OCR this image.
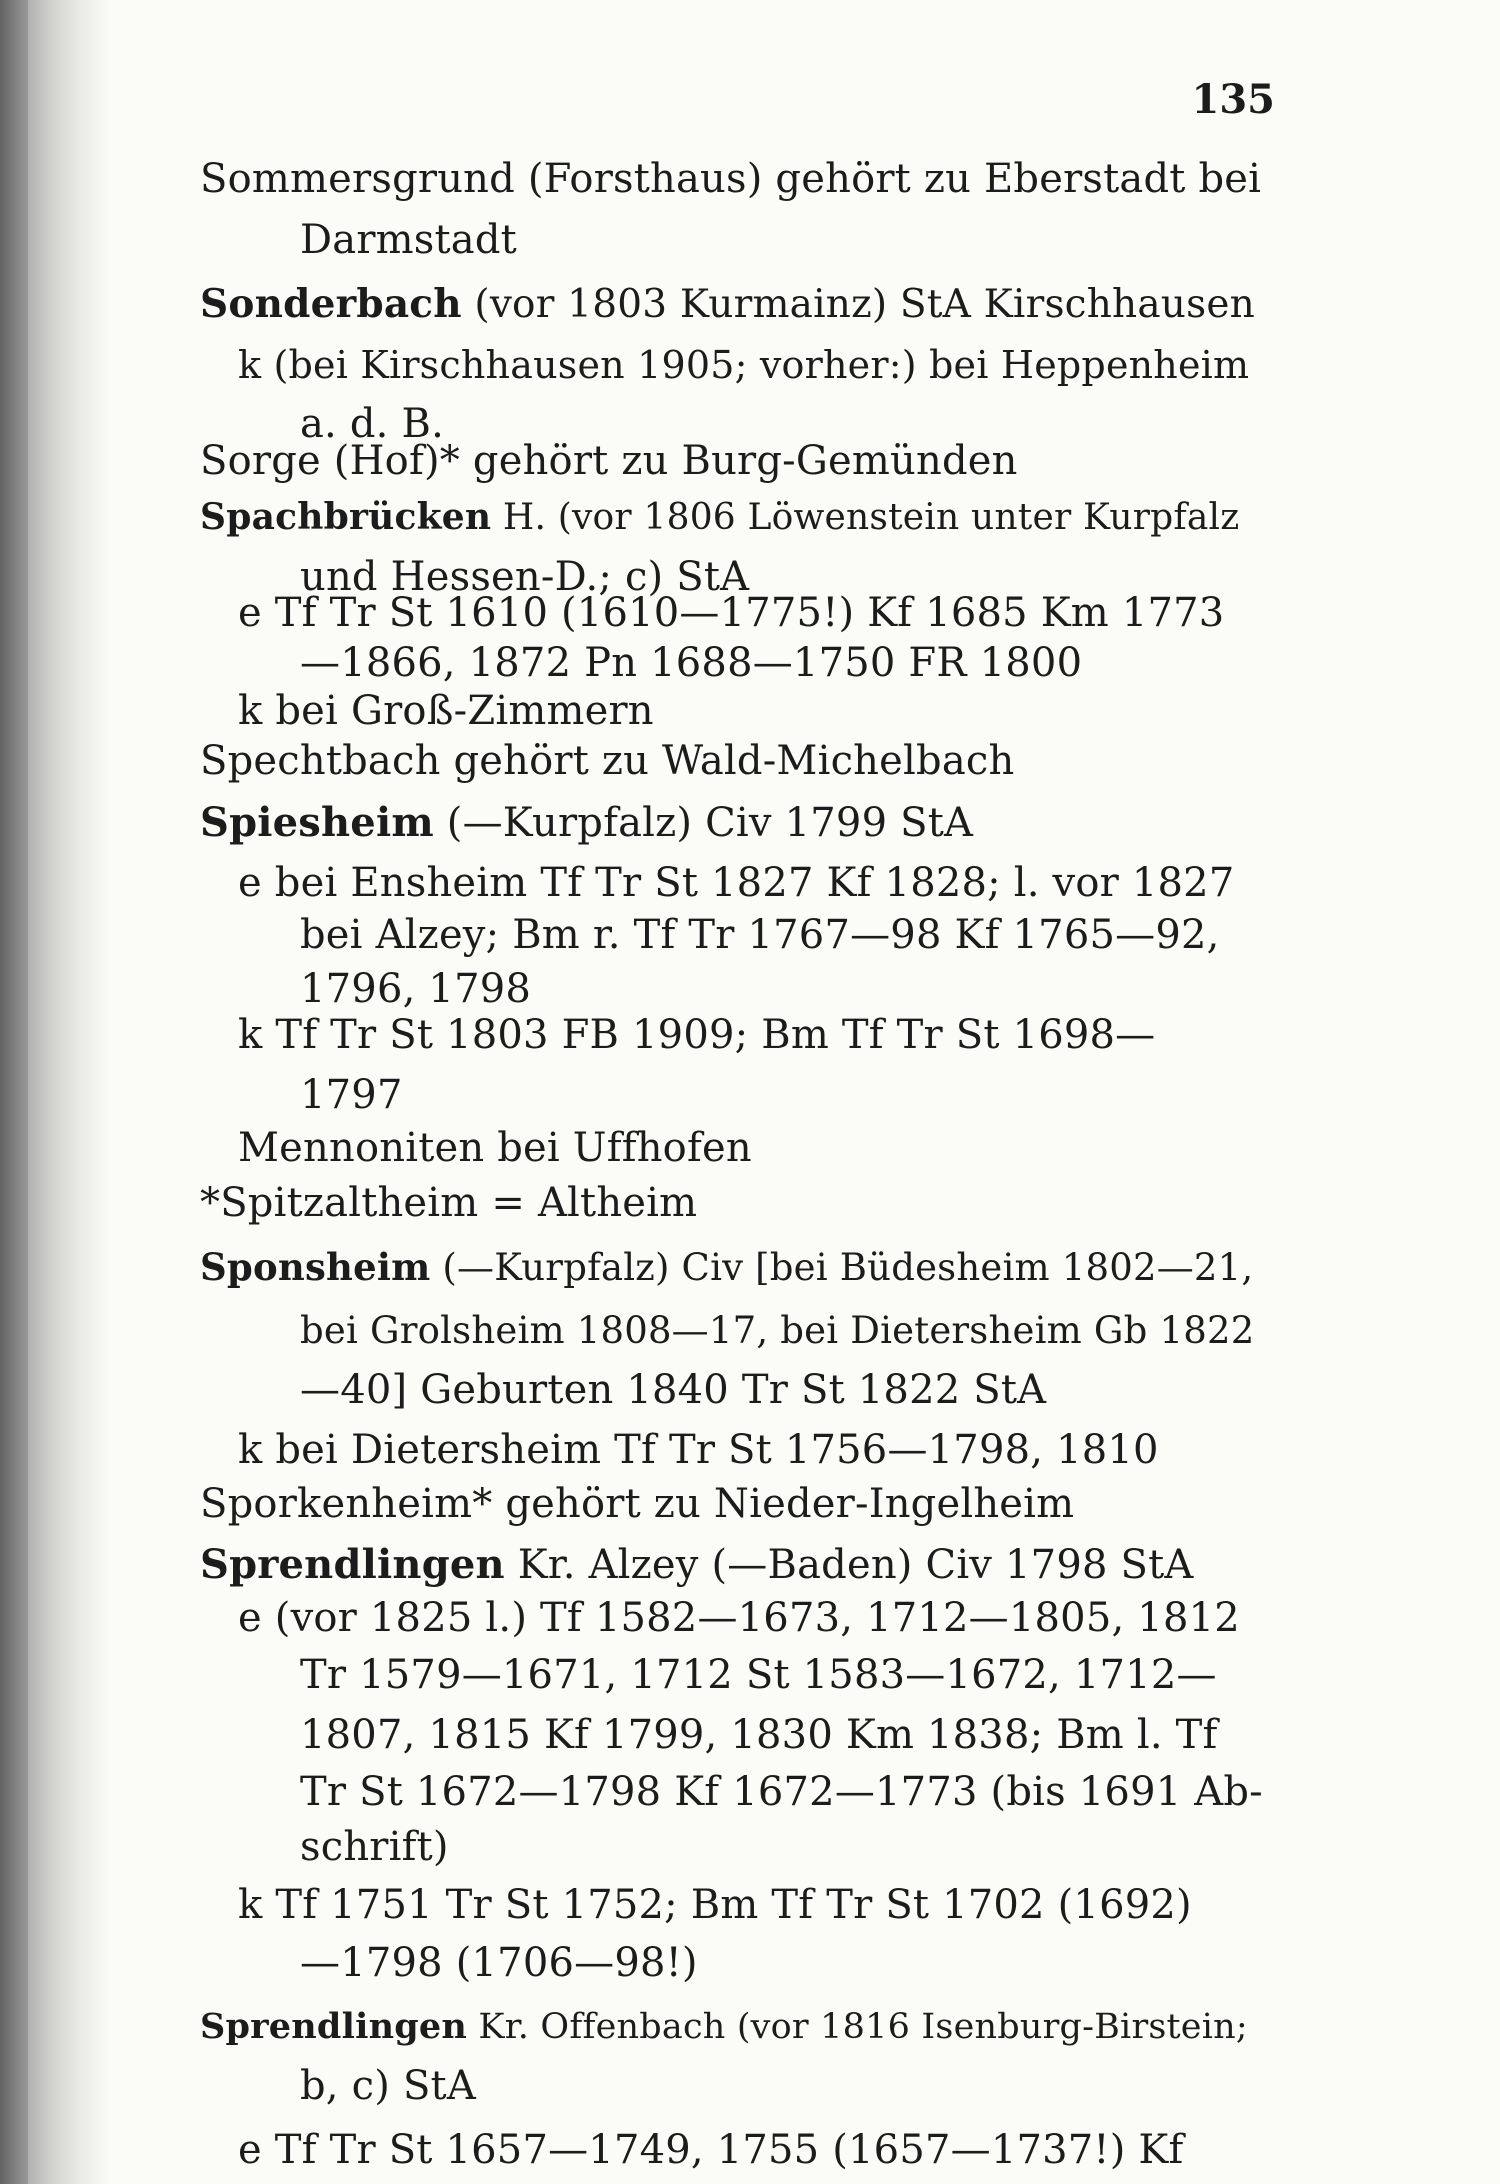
135
Sommersgrund (Forsthaus) gehört zu Eberstadt bei
Darmstadt
Sonderbach (vor 1803 Kurmainz) StA Kirschhausen
k (bei Kirschhausen 1905; vorher:) bei Heppenheim
a. d. B.
Sorge (Hof)* gehört zu Burg-Gemünden
Spachbrücken H. (vor 1806 Löwenstein unter Kurpfalz
und Hessen-D.; c) StA
e Tf Tr St 1610 (1610—1775!) Kf 1685 Km 1773
—1866, 1872 Pn 1688—1750 FR 1800
k bei Groß-Zimmern
Spechtbach gehört zu Wald-Michelbach
Spiesheim (—Kurpfalz) Civ 1799 StA
e bei Ensheim Tf Tr St 1827 Kf 1828; l. vor 1827
bei Alzey; Bm r. Tf Tr 1767—98 Kf 1765—92,
1796, 1798
k Tf Tr St 1803 FB 1909; Bm Tf Tr St 1698—
1797
Mennoniten bei Uffhofen
*Spitzaltheim = Altheim
Sponsheim (—Kurpfalz) Civ [bei Büdesheim 1802—21,
bei Grolsheim 1808—17, bei Dietersheim Gb 1822
—40] Geburten 1840 Tr St 1822 StA
k bei Dietersheim Tf Tr St 1756—1798, 1810
Sporkenheim* gehört zu Nieder-Ingelheim
Sprendlingen Kr. Alzey (—Baden) Civ 1798 StA
e (vor 1825 l.) Tf 1582—1673, 1712—1805, 1812
Tr 1579—1671, 1712 St 1583—1672, 1712—
1807, 1815 Kf 1799, 1830 Km 1838; Bm l. Tf
Tr St 1672—1798 Kf 1672—1773 (bis 1691 Ab-
schrift)
k Tf 1751 Tr St 1752; Bm Tf Tr St 1702 (1692)
—1798 (1706—98!)
Sprendlingen Kr. Offenbach (vor 1816 Isenburg-Birstein;
b, c) StA
e Tf Tr St 1657—1749, 1755 (1657—1737!) Kf
